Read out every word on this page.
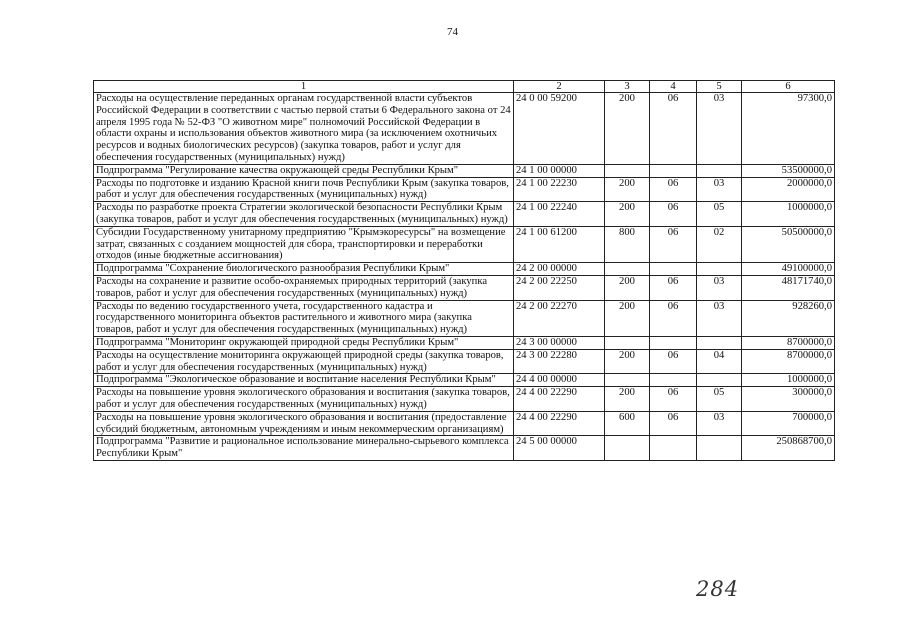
74
1	2	3	4	5	6
Расходы на осуществление переданных органам государственной власти субъектов Российской Федерации в соответствии с частью первой статьи 6 Федерального закона от 24 апреля 1995 года № 52-ФЗ "О животном мире" полномочий Российской Федерации в области охраны и использования объектов животного мира (за исключением охотничьих ресурсов и водных биологических ресурсов) (закупка товаров, работ и услуг для обеспечения государственных (муниципальных) нужд)	24 0 00 59200	200	06	03	97300,0
Подпрограмма "Регулирование качества окружающей среды Республики Крым"	24 1 00 00000				53500000,0
Расходы по подготовке и изданию Красной книги почв Республики Крым (закупка товаров, работ и услуг для обеспечения государственных (муниципальных) нужд)	24 1 00 22230	200	06	03	2000000,0
Расходы по разработке проекта Стратегии экологической безопасности Республики Крым (закупка товаров, работ и услуг для обеспечения государственных (муниципальных) нужд)	24 1 00 22240	200	06	05	1000000,0
Субсидии Государственному унитарному предприятию "Крымэкоресурсы" на возмещение затрат, связанных с созданием мощностей для сбора, транспортировки и переработки отходов (иные бюджетные ассигнования)	24 1 00 61200	800	06	02	50500000,0
Подпрограмма "Сохранение биологического разнообразия Республики Крым"	24 2 00 00000				49100000,0
Расходы на сохранение и развитие особо-охраняемых природных территорий (закупка товаров, работ и услуг для обеспечения государственных (муниципальных) нужд)	24 2 00 22250	200	06	03	48171740,0
Расходы по ведению государственного учета, государственного кадастра и государственного мониторинга объектов растительного и животного мира (закупка товаров, работ и услуг для обеспечения государственных (муниципальных) нужд)	24 2 00 22270	200	06	03	928260,0
Подпрограмма "Мониторинг окружающей природной среды Республики Крым"	24 3 00 00000				8700000,0
Расходы на осуществление мониторинга окружающей природной среды (закупка товаров, работ и услуг для обеспечения государственных (муниципальных) нужд)	24 3 00 22280	200	06	04	8700000,0
Подпрограмма "Экологическое образование и воспитание населения Республики Крым"	24 4 00 00000				1000000,0
Расходы на повышение уровня экологического образования и воспитания (закупка товаров, работ и услуг для обеспечения государственных (муниципальных) нужд)	24 4 00 22290	200	06	05	300000,0
Расходы на повышение уровня экологического образования и воспитания (предоставление субсидий бюджетным, автономным учреждениям и иным некоммерческим организациям)	24 4 00 22290	600	06	03	700000,0
Подпрограмма "Развитие и рациональное использование минерально-сырьевого комплекса Республики Крым"	24 5 00 00000				250868700,0
284
